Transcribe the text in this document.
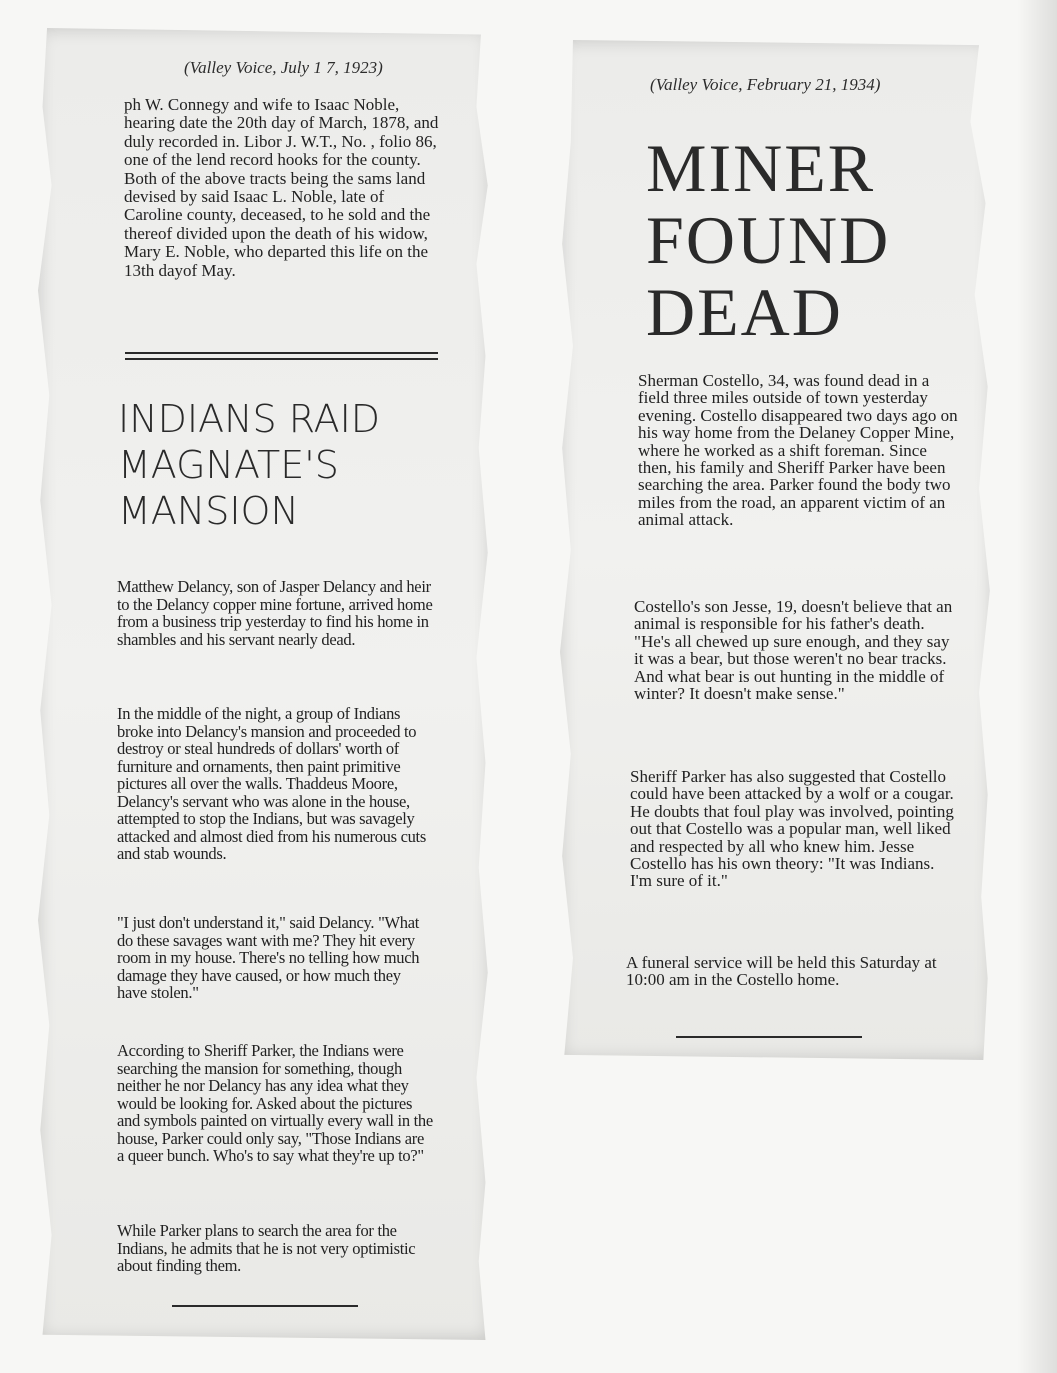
(Valley Voice, July 1 7, 1923)

ph W. Connegy and wife to Isaac Noble, hearing date the 20th day of March, 1878, and duly recorded in. Libor J. W.T., No. , folio 86, one of the lend record hooks for the county. Both of the above tracts being the sams land devised by said Isaac L. Noble, late of Caroline county, deceased, to he sold and the thereof divided upon the death of his widow, Mary E. Noble, who departed this life on the 13th dayof May.

INDIANS RAID
MAGNATE'S
MANSION

Matthew Delancy, son of Jasper Delancy and heir to the Delancy copper mine fortune, arrived home from a business trip yesterday to find his home in shambles and his servant nearly dead.

In the middle of the night, a group of Indians broke into Delancy's mansion and proceeded to destroy or steal hundreds of dollars' worth of furniture and ornaments, then paint primitive pictures all over the walls. Thaddeus Moore, Delancy's servant who was alone in the house, attempted to stop the Indians, but was savagely attacked and almost died from his numerous cuts and stab wounds.

"I just don't understand it," said Delancy. "What do these savages want with me? They hit every room in my house. There's no telling how much damage they have caused, or how much they have stolen."

According to Sheriff Parker, the Indians were searching the mansion for something, though neither he nor Delancy has any idea what they would be looking for. Asked about the pictures and symbols painted on virtually every wall in the house, Parker could only say, "Those Indians are a queer bunch. Who's to say what they're up to?"

While Parker plans to search the area for the Indians, he admits that he is not very optimistic about finding them.

(Valley Voice, February 21, 1934)
MINER
FOUND
DEAD

Sherman Costello, 34, was found dead in a field three miles outside of town yesterday evening. Costello disappeared two days ago on his way home from the Delaney Copper Mine, where he worked as a shift foreman. Since then, his family and Sheriff Parker have been searching the area. Parker found the body two miles from the road, an apparent victim of an animal attack.

Costello's son Jesse, 19, doesn't believe that an animal is responsible for his father's death. "He's all chewed up sure enough, and they say it was a bear, but those weren't no bear tracks. And what bear is out hunting in the middle of winter? It doesn't make sense."

Sheriff Parker has also suggested that Costello could have been attacked by a wolf or a cougar. He doubts that foul play was involved, pointing out that Costello was a popular man, well liked and respected by all who knew him. Jesse Costello has his own theory: "It was Indians. I'm sure of it."

A funeral service will be held this Saturday at 10:00 am in the Costello home.
